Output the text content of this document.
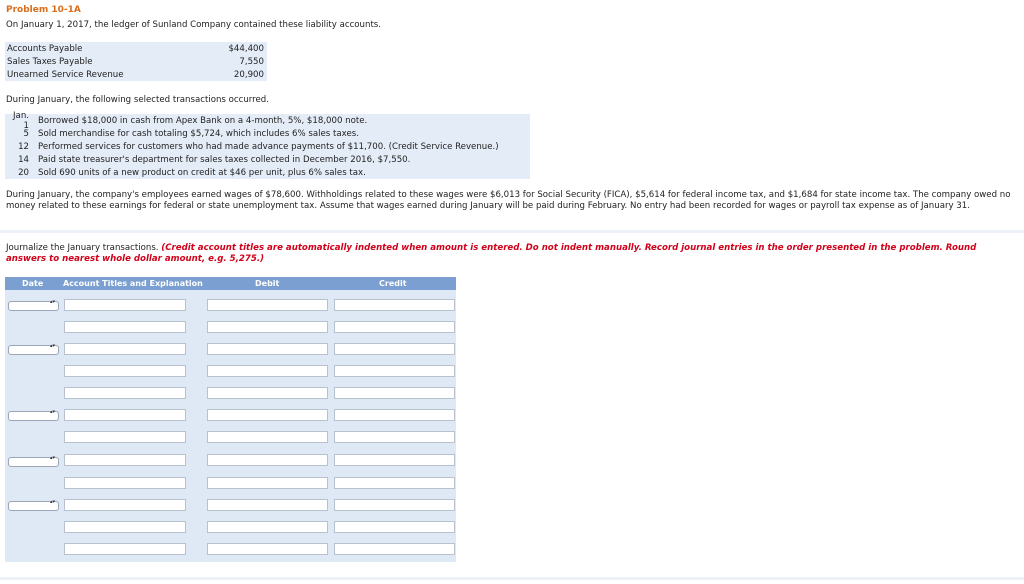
Problem 10-1A
On January 1, 2017, the ledger of Sunland Company contained these liability accounts.
Accounts Payable	$44,400
Sales Taxes Payable	7,550
Unearned Service Revenue	20,900
During January, the following selected transactions occurred.
Jan. 1	Borrowed $18,000 in cash from Apex Bank on a 4-month, 5%, $18,000 note.
5	Sold merchandise for cash totaling $5,724, which includes 6% sales taxes.
12	Performed services for customers who had made advance payments of $11,700. (Credit Service Revenue.)
14	Paid state treasurer's department for sales taxes collected in December 2016, $7,550.
20	Sold 690 units of a new product on credit at $46 per unit, plus 6% sales tax.
During January, the company's employees earned wages of $78,600. Withholdings related to these wages were $6,013 for Social Security (FICA), $5,614 for federal income tax, and $1,684 for state income tax. The company owed no money related to these earnings for federal or state unemployment tax. Assume that wages earned during January will be paid during February. No entry had been recorded for wages or payroll tax expense as of January 31.
Journalize the January transactions. (Credit account titles are automatically indented when amount is entered. Do not indent manually. Record journal entries in the order presented in the problem. Round answers to nearest whole dollar amount, e.g. 5,275.)
Date Account Titles and Explanation	Debit	Credit
▴▾
▴▾
▴▾
▴▾
▴▾
